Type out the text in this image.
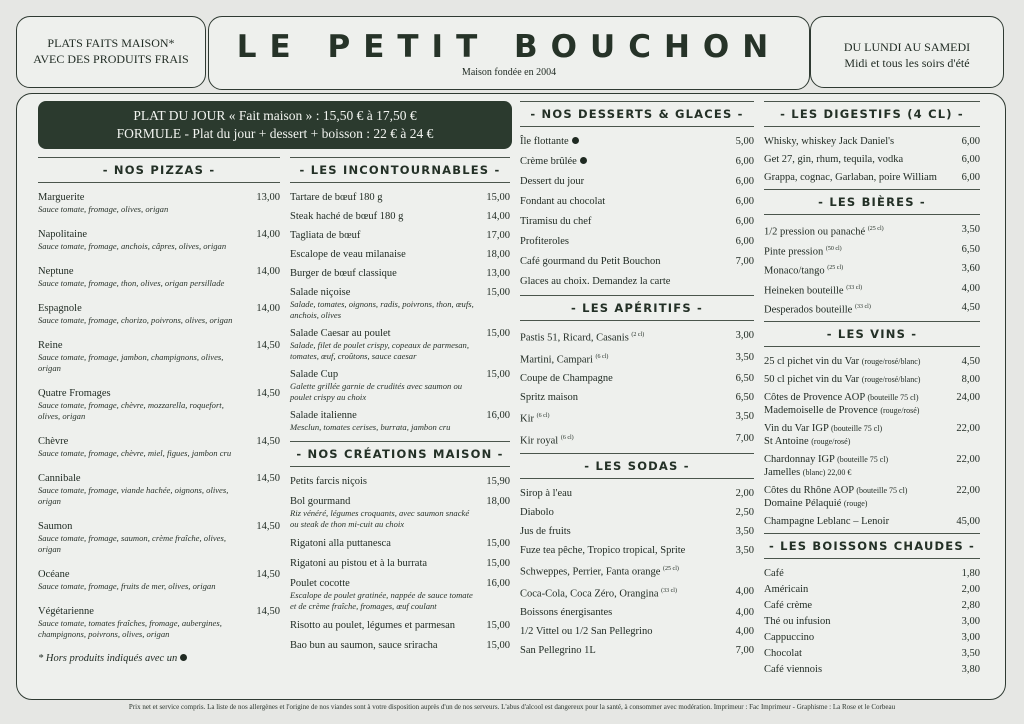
PLATS FAITS MAISON*
AVEC DES PRODUITS FRAIS	LE PETIT BOUCHON
Maison fondée en 2004
DU LUNDI AU SAMEDI
Midi et tous les soirs d'été
PLAT DU JOUR « Fait maison » : 15,50 € à 17,50 €
FORMULE - Plat du jour + dessert + boisson : 22 € à 24 €
- NOS PIZZAS -
Marguerite
Sauce tomate, fromage, olives, origan
13,00
Napolitaine
Sauce tomate, fromage, anchois, câpres, olives, origan
14,00
Neptune
Sauce tomate, fromage, thon, olives, origan persillade
14,00
Espagnole
Sauce tomate, fromage, chorizo, poivrons, olives, origan
14,00
Reine
Sauce tomate, fromage, jambon, champignons, olives, origan
14,50
Quatre Fromages
Sauce tomate, fromage, chèvre, mozzarella, roquefort, olives, origan
14,50
Chèvre
Sauce tomate, fromage, chèvre, miel, figues, jambon cru
14,50
Cannibale
Sauce tomate, fromage, viande hachée, oignons, olives, origan
14,50
Saumon
Sauce tomate, fromage, saumon, crème fraîche, olives, origan
14,50
Océane
Sauce tomate, fromage, fruits de mer, olives, origan
14,50
Végétarienne
Sauce tomate, tomates fraîches, fromage, aubergines, champignons, poivrons, olives, origan
14,50
* Hors produits indiqués avec un
- LES INCONTOURNABLES -
Tartare de bœuf 180 g	15,00
Steak haché de bœuf 180 g	14,00
Tagliata de bœuf	17,00
Escalope de veau milanaise	18,00
Burger de bœuf classique	13,00
Salade niçoise
Salade, tomates, oignons, radis, poivrons, thon, œufs, anchois, olives
15,00
Salade Caesar au poulet
Salade, filet de poulet crispy, copeaux de parmesan, tomates, œuf, croûtons, sauce caesar
15,00
Salade Cup
Galette grillée garnie de crudités avec saumon ou poulet crispy au choix
15,00
Salade italienne
Mesclun, tomates cerises, burrata, jambon cru
16,00
- NOS CRÉATIONS MAISON -
Petits farcis niçois	15,90
Bol gourmand
Riz vénéré, légumes croquants, avec saumon snacké ou steak de thon mi-cuit au choix
18,00
Rigatoni alla puttanesca	15,00
Rigatoni au pistou et à la burrata	15,00
Poulet cocotte
Escalope de poulet gratinée, nappée de sauce tomate et de crème fraîche, fromages, œuf coulant
16,00
Risotto au poulet, légumes et parmesan	15,00
Bao bun au saumon, sauce sriracha	15,00
- NOS DESSERTS & GLACES -
Île flottante	5,00
Crème brûlée	6,00
Dessert du jour	6,00
Fondant au chocolat	6,00
Tiramisu du chef	6,00
Profiteroles	6,00
Café gourmand du Petit Bouchon	7,00
Glaces au choix. Demandez la carte
- LES APÉRITIFS -
Pastis 51, Ricard, Casanis $^{(2 cl)}$	3,00
Martini, Campari $^{(6 cl)}$	3,50
Coupe de Champagne	6,50
Spritz maison	6,50
Kir $^{(6 cl)}$	3,50
Kir royal $^{(6 cl)}$	7,00
- LES SODAS -
Sirop à l'eau	2,00
Diabolo	2,50
Jus de fruits	3,50
Fuze tea pêche, Tropico tropical, Sprite	3,50
Schweppes, Perrier, Fanta orange $^{(25 cl)}$
Coca-Cola, Coca Zéro, Orangina $^{(33 cl)}$	4,00
Boissons énergisantes	4,00
1/2 Vittel ou 1/2 San Pellegrino	4,00
San Pellegrino 1L	7,00
- LES DIGESTIFS (4 CL) -
Whisky, whiskey Jack Daniel's	6,00
Get 27, gin, rhum, tequila, vodka	6,00
Grappa, cognac, Garlaban, poire William	6,00
- LES BIÈRES -
1/2 pression ou panaché $^{(25 cl)}$	3,50
Pinte pression $^{(50 cl)}$	6,50
Monaco/tango $^{(25 cl)}$	3,60
Heineken bouteille $^{(33 cl)}$	4,00
Desperados bouteille $^{(33 cl)}$	4,50
- LES VINS -
25 cl pichet vin du Var (rouge/rosé/blanc)	4,50
50 cl pichet vin du Var (rouge/rosé/blanc)	8,00
Côtes de Provence AOP (bouteille 75 cl)
Mademoiselle de Provence (rouge/rosé)
24,00
Vin du Var IGP (bouteille 75 cl)
St Antoine (rouge/rosé)
22,00
Chardonnay IGP (bouteille 75 cl)
Jamelles (blanc) 22,00 €
22,00
Côtes du Rhône AOP (bouteille 75 cl)
Domaine Pélaquié (rouge)
22,00
Champagne Leblanc – Lenoir	45,00
- LES BOISSONS CHAUDES -
Café	1,80
Américain	2,00
Café crème	2,80
Thé ou infusion	3,00
Cappuccino	3,00
Chocolat	3,50
Café viennois	3,80
Prix net et service compris. La liste de nos allergènes et l'origine de nos viandes sont à votre disposition auprès d'un de nos serveurs. L'abus d'alcool est dangereux pour la santé, à consommer avec modération. Imprimeur : Fac Imprimeur - Graphisme : La Rose et le Corbeau
